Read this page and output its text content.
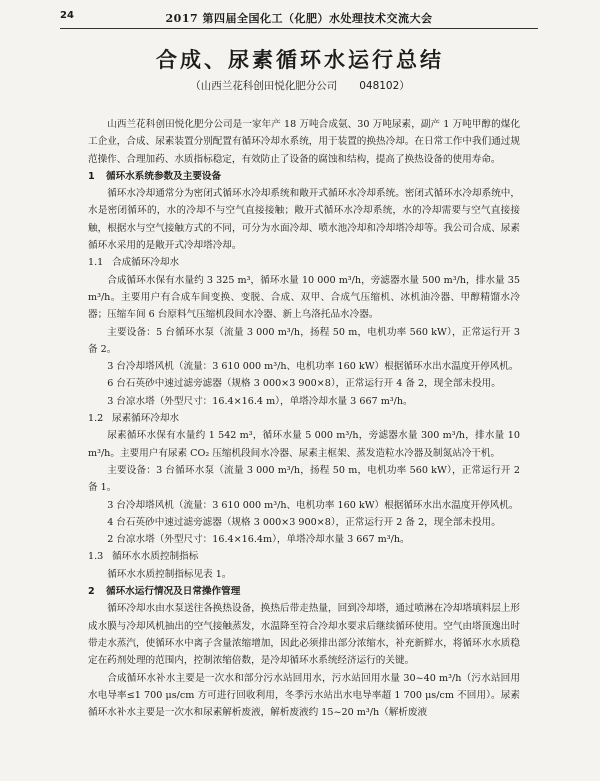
24	2017 第四届全国化工（化肥）水处理技术交流大会
合成、尿素循环水运行总结
（山西兰花科创田悦化肥分公司 048102）

山西兰花科创田悦化肥分公司是一家年产 18 万吨合成氨、30 万吨尿素，副产 1 万吨甲醇的煤化工企业，合成、尿素装置分别配置有循环冷却水系统，用于装置的换热冷却。在日常工作中我们通过规范操作、合理加药、水质指标稳定，有效防止了设备的腐蚀和结构，提高了换热设备的使用寿命。

1 循环水系统参数及主要设备

循环水冷却通常分为密闭式循环水冷却系统和敞开式循环水冷却系统。密闭式循环水冷却系统中，水是密闭循环的，水的冷却不与空气直接接触；敞开式循环水冷却系统，水的冷却需要与空气直接接触，根据水与空气接触方式的不同，可分为水面冷却、喷水池冷却和冷却塔冷却等。我公司合成、尿素循环水采用的是敞开式冷却塔冷却。

1.1 合成循环冷却水

合成循环水保有水量约 3 325 m³，循环水量 10 000 m³/h，旁滤器水量 500 m³/h，排水量 35 m³/h。主要用户有合成车间变换、变脱、合成、双甲、合成气压缩机、冰机油冷器、甲醇精馏水冷器；压缩车间 6 台原料气压缩机段间水冷器、新上乌洛托品水冷器。

主要设备：5 台循环水泵（流量 3 000 m³/h，扬程 50 m，电机功率 560 kW），正常运行开 3 备 2。

3 台冷却塔风机（流量：3 610 000 m³/h、电机功率 160 kW）根据循环水出水温度开停风机。

6 台石英砂中速过滤旁滤器（规格 3 000×3 900×8），正常运行开 4 备 2，现全部未投用。

3 台凉水塔（外型尺寸：16.4×16.4 m），单塔冷却水量 3 667 m³/h。

1.2 尿素循环冷却水

尿素循环水保有水量约 1 542 m³，循环水量 5 000 m³/h，旁滤器水量 300 m³/h，排水量 10 m³/h。主要用户有尿素 CO₂ 压缩机段间水冷器、尿素主框架、蒸发造粒水冷器及制氮站冷干机。

主要设备：3 台循环水泵（流量 3 000 m³/h，扬程 50 m，电机功率 560 kW），正常运行开 2 备 1。

3 台冷却塔风机（流量：3 610 000 m³/h、电机功率 160 kW）根据循环水出水温度开停风机。

4 台石英砂中速过滤旁滤器（规格 3 000×3 900×8），正常运行开 2 备 2，现全部未投用。

2 台凉水塔（外型尺寸：16.4×16.4m），单塔冷却水量 3 667 m³/h。

1.3 循环水水质控制指标

循环水水质控制指标见表 1。

2 循环水运行情况及日常操作管理

循环冷却水由水泵送往各换热设备，换热后带走热量，回到冷却塔，通过喷淋在冷却塔填料层上形成水膜与冷却风机抽出的空气接触蒸发，水温降至符合冷却水要求后继续循环使用。空气由塔顶逸出时带走水蒸汽，使循环水中离子含量浓缩增加，因此必须排出部分浓缩水，补充新鲜水，将循环水水质稳定在药剂处理的范围内，控制浓缩倍数，是冷却循环水系统经济运行的关键。

合成循环水补水主要是一次水和部分污水站回用水，污水站回用水量 30~40 m³/h（污水站回用水电导率≤1 700 μs/cm 方可进行回收利用，冬季污水站出水电导率超 1 700 μs/cm 不回用）。尿素循环水补水主要是一次水和尿素解析废液，解析废液约 15~20 m³/h（解析废液
